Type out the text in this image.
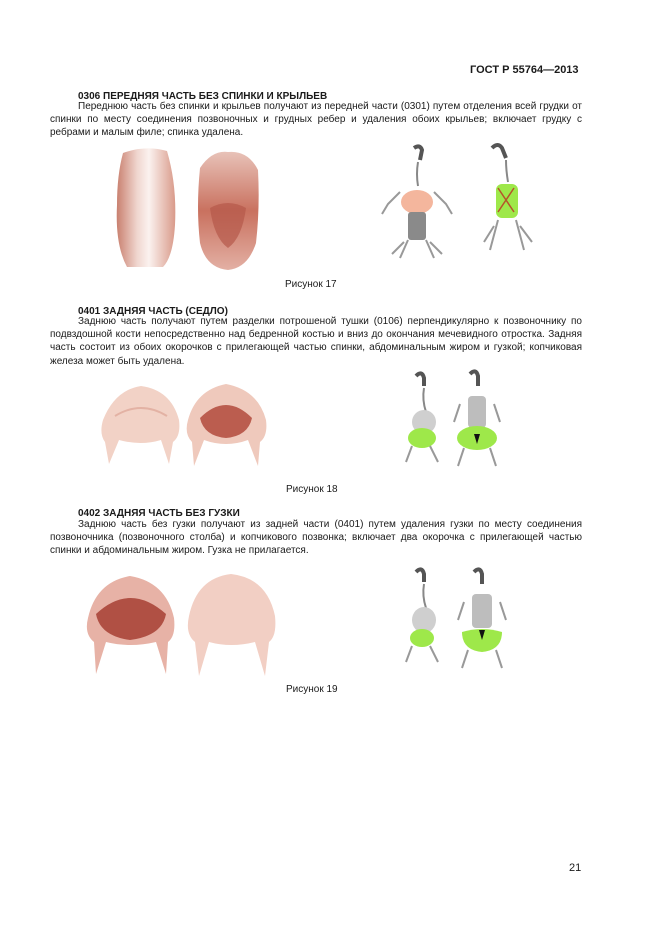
ГОСТ Р 55764—2013
0306 ПЕРЕДНЯЯ ЧАСТЬ БЕЗ СПИНКИ И КРЫЛЬЕВ

Переднюю часть без спинки и крыльев получают из передней части (0301) путем отделения всей грудки от спинки по месту соединения позвоночных и грудных ребер и удаления обоих крыльев; включает грудку с ребрами и малым филе; спинка удалена.

Рисунок 17
0401 ЗАДНЯЯ ЧАСТЬ (СЕДЛО)

Заднюю часть получают путем разделки потрошеной тушки (0106) перпендикулярно к позвоночнику по подвздошной кости непосредственно над бедренной костью и вниз до окончания мечевидного отростка. Задняя часть состоит из обоих окорочков с прилегающей частью спинки, абдоминальным жиром и гузкой; копчиковая железа может быть удалена.

Рисунок 18
0402 ЗАДНЯЯ ЧАСТЬ БЕЗ ГУЗКИ

Заднюю часть без гузки получают из задней части (0401) путем удаления гузки по месту соединения позвоночника (позвоночного столба) и копчикового позвонка; включает два окорочка с прилегающей частью спинки и абдоминальным жиром. Гузка не прилагается.

Рисунок 19
21
